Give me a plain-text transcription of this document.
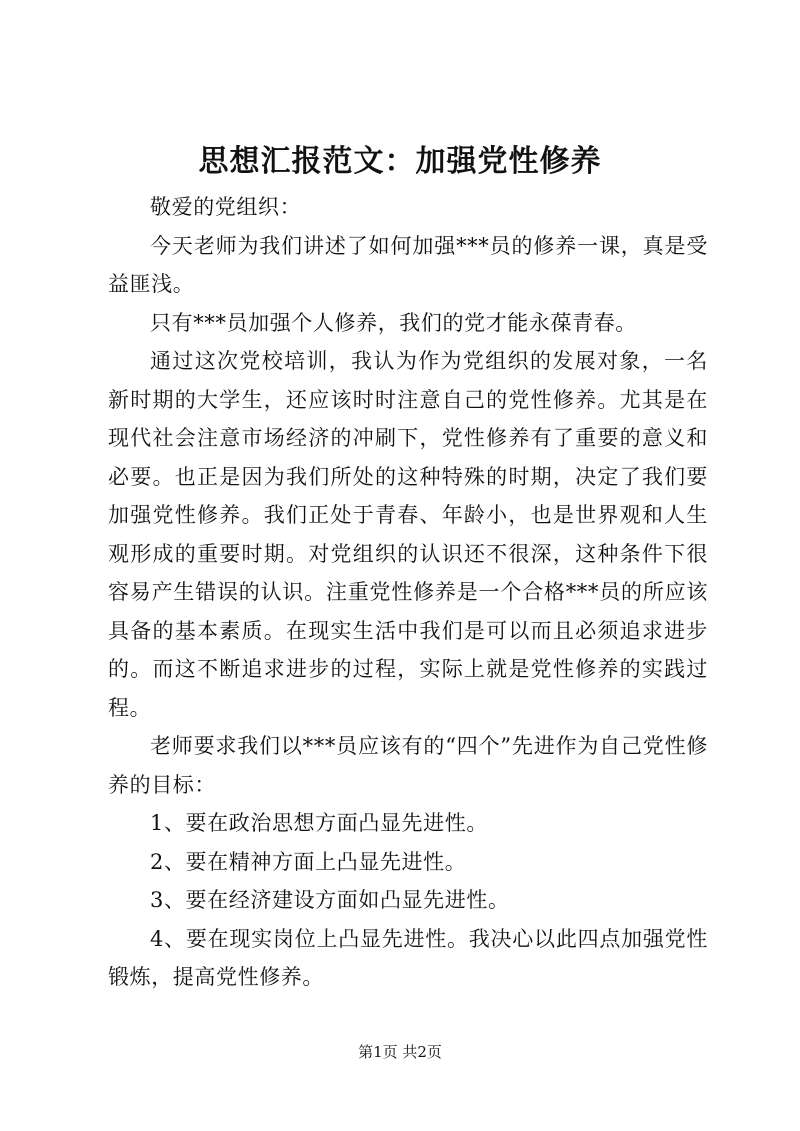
思想汇报范文：加强党性修养

敬爱的党组织：

今天老师为我们讲述了如何加强***员的修养一课，真是受益匪浅。

只有***员加强个人修养，我们的党才能永葆青春。

通过这次党校培训，我认为作为党组织的发展对象，一名新时期的大学生，还应该时时注意自己的党性修养。尤其是在现代社会注意市场经济的冲刷下，党性修养有了重要的意义和必要。也正是因为我们所处的这种特殊的时期，决定了我们要加强党性修养。我们正处于青春、年龄小，也是世界观和人生观形成的重要时期。对党组织的认识还不很深，这种条件下很容易产生错误的认识。注重党性修养是一个合格***员的所应该具备的基本素质。在现实生活中我们是可以而且必须追求进步的。而这不断追求进步的过程，实际上就是党性修养的实践过程。

老师要求我们以***员应该有的“四个”先进作为自己党性修养的目标：

1、要在政治思想方面凸显先进性。

2、要在精神方面上凸显先进性。

3、要在经济建设方面如凸显先进性。

4、要在现实岗位上凸显先进性。我决心以此四点加强党性锻炼，提高党性修养。

第1页 共2页
